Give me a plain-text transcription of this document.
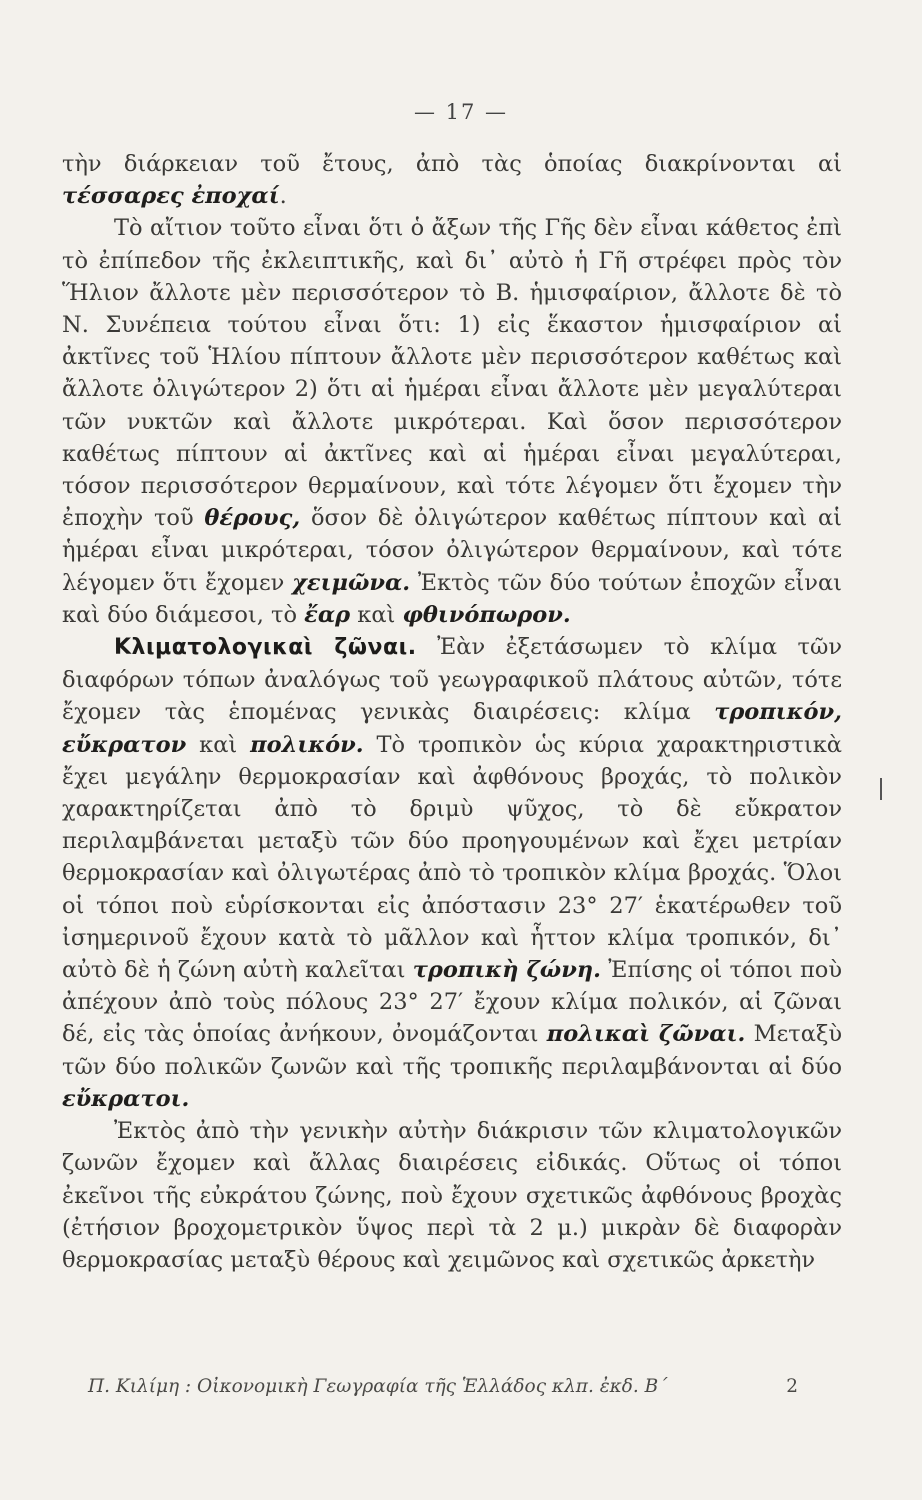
— 17 —

τὴν διάρκειαν τοῦ ἔτους, ἀπὸ τὰς ὁποίας διακρίνονται αἱ τέσσαρες ἐποχαί.

Τὸ αἴτιον τοῦτο εἶναι ὅτι ὁ ἄξων τῆς Γῆς δὲν εἶναι κάθετος ἐπὶ τὸ ἐπίπεδον τῆς ἐκλειπτικῆς, καὶ δι᾿ αὐτὸ ἡ Γῆ στρέφει πρὸς τὸν Ἥλιον ἄλλοτε μὲν περισσότερον τὸ Β. ἡμισφαίριον, ἄλλοτε δὲ τὸ Ν. Συνέπεια τούτου εἶναι ὅτι: 1) εἰς ἕκαστον ἡμισφαίριον αἱ ἀκτῖνες τοῦ Ἡλίου πίπτουν ἄλλοτε μὲν περισσότερον καθέτως καὶ ἄλλοτε ὀλιγώτερον 2) ὅτι αἱ ἡμέραι εἶναι ἄλλοτε μὲν μεγαλύτεραι τῶν νυκτῶν καὶ ἄλλοτε μικρότεραι. Καὶ ὅσον περισσότερον καθέτως πίπτουν αἱ ἀκτῖνες καὶ αἱ ἡμέραι εἶναι μεγαλύτεραι, τόσον περισσότερον θερμαίνουν, καὶ τότε λέγομεν ὅτι ἔχομεν τὴν ἐποχὴν τοῦ θέρους, ὅσον δὲ ὀλιγώτερον καθέτως πίπτουν καὶ αἱ ἡμέραι εἶναι μικρότεραι, τόσον ὀλιγώτερον θερμαίνουν, καὶ τότε λέγομεν ὅτι ἔχομεν χειμῶνα. Ἐκτὸς τῶν δύο τούτων ἐποχῶν εἶναι καὶ δύο διάμεσοι, τὸ ἔαρ καὶ φθινόπωρον.

Κλιματολογικαὶ ζῶναι. Ἐὰν ἐξετάσωμεν τὸ κλίμα τῶν διαφόρων τόπων ἀναλόγως τοῦ γεωγραφικοῦ πλάτους αὐτῶν, τότε ἔχομεν τὰς ἑπομένας γενικὰς διαιρέσεις: κλίμα τροπικόν, εὔκρατον καὶ πολικόν. Τὸ τροπικὸν ὡς κύρια χαρακτηριστικὰ ἔχει μεγάλην θερμοκρασίαν καὶ ἀφθόνους βροχάς, τὸ πολικὸν χαρακτηρίζεται ἀπὸ τὸ δριμὺ ψῦχος, τὸ δὲ εὔκρατον περιλαμβάνεται μεταξὺ τῶν δύο προηγουμένων καὶ ἔχει μετρίαν θερμοκρασίαν καὶ ὀλιγωτέρας ἀπὸ τὸ τροπικὸν κλίμα βροχάς. Ὅλοι οἱ τόποι ποὺ εὑρίσκονται εἰς ἀπόστασιν 23° 27′ ἑκατέρωθεν τοῦ ἰσημερινοῦ ἔχουν κατὰ τὸ μᾶλλον καὶ ἧττον κλίμα τροπικόν, δι᾿ αὐτὸ δὲ ἡ ζώνη αὐτὴ καλεῖται τροπικὴ ζώνη. Ἐπίσης οἱ τόποι ποὺ ἀπέχουν ἀπὸ τοὺς πόλους 23° 27′ ἔχουν κλίμα πολικόν, αἱ ζῶναι δέ, εἰς τὰς ὁποίας ἀνήκουν, ὀνομάζονται πολικαὶ ζῶναι. Μεταξὺ τῶν δύο πολικῶν ζωνῶν καὶ τῆς τροπικῆς περιλαμβάνονται αἱ δύο εὔκρατοι.

Ἐκτὸς ἀπὸ τὴν γενικὴν αὐτὴν διάκρισιν τῶν κλιματολογικῶν ζωνῶν ἔχομεν καὶ ἄλλας διαιρέσεις εἰδικάς. Οὕτως οἱ τόποι ἐκεῖνοι τῆς εὐκράτου ζώνης, ποὺ ἔχουν σχετικῶς ἀφθόνους βροχὰς (ἐτήσιον βροχομετρικὸν ὕψος περὶ τὰ 2 μ.) μικρὰν δὲ διαφορὰν θερμοκρασίας μεταξὺ θέρους καὶ χειμῶνος καὶ σχετικῶς ἀρκετὴν

Π. Κιλίμη : Οἰκονομικὴ Γεωγραφία τῆς Ἑλλάδος κλπ. ἐκδ. Β΄	2
